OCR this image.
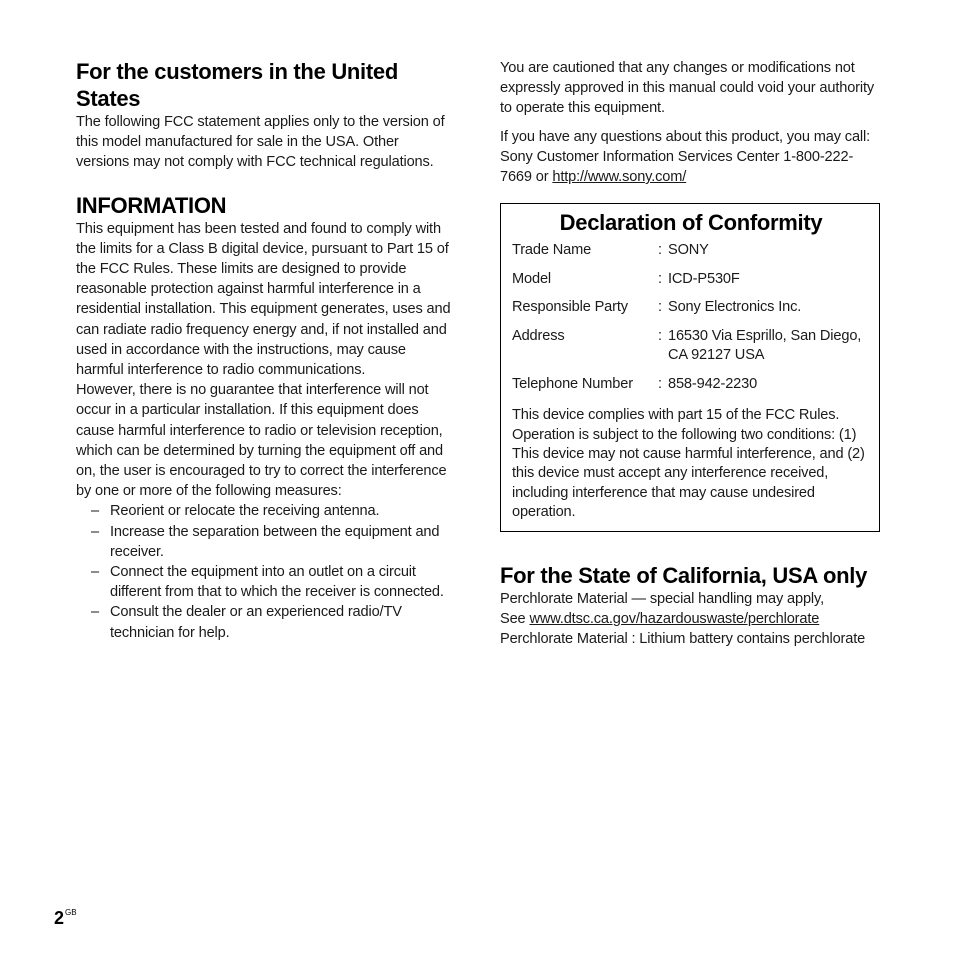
For the customers in the United States

The following FCC statement applies only to the version of this model manufactured for sale in the USA. Other versions may not comply with FCC technical regulations.

INFORMATION

This equipment has been tested and found to comply with the limits for a Class B digital device, pursuant to Part 15 of the FCC Rules. These limits are designed to provide reasonable protection against harmful interference in a residential installation. This equipment generates, uses and can radiate radio frequency energy and, if not installed and used in accordance with the instructions, may cause harmful interference to radio communications.

However, there is no guarantee that interference will not occur in a particular installation. If this equipment does cause harmful interference to radio or television reception, which can be determined by turning the equipment off and on, the user is encouraged to try to correct the interference by one or more of the following measures:

– Reorient or relocate the receiving antenna.
– Increase the separation between the equipment and receiver.
– Connect the equipment into an outlet on a circuit different from that to which the receiver is connected.
– Consult the dealer or an experienced radio/TV technician for help.

You are cautioned that any changes or modifications not expressly approved in this manual could void your authority to operate this equipment.

If you have any questions about this product, you may call: Sony Customer Information Services Center 1-800-222-7669 or http://www.sony.com/

Declaration of Conformity
Trade Name	: SONY
Model	: ICD-P530F
Responsible Party	: Sony Electronics Inc.
Address	: 16530 Via Esprillo, San Diego, CA 92127 USA
Telephone Number	: 858-942-2230

This device complies with part 15 of the FCC Rules. Operation is subject to the following two conditions: (1) This device may not cause harmful interference, and (2) this device must accept any interference received, including interference that may cause undesired operation.

For the State of California, USA only

Perchlorate Material — special handling may apply,

See www.dtsc.ca.gov/hazardouswaste/perchlorate

Perchlorate Material : Lithium battery contains perchlorate

$2^{GB}$
